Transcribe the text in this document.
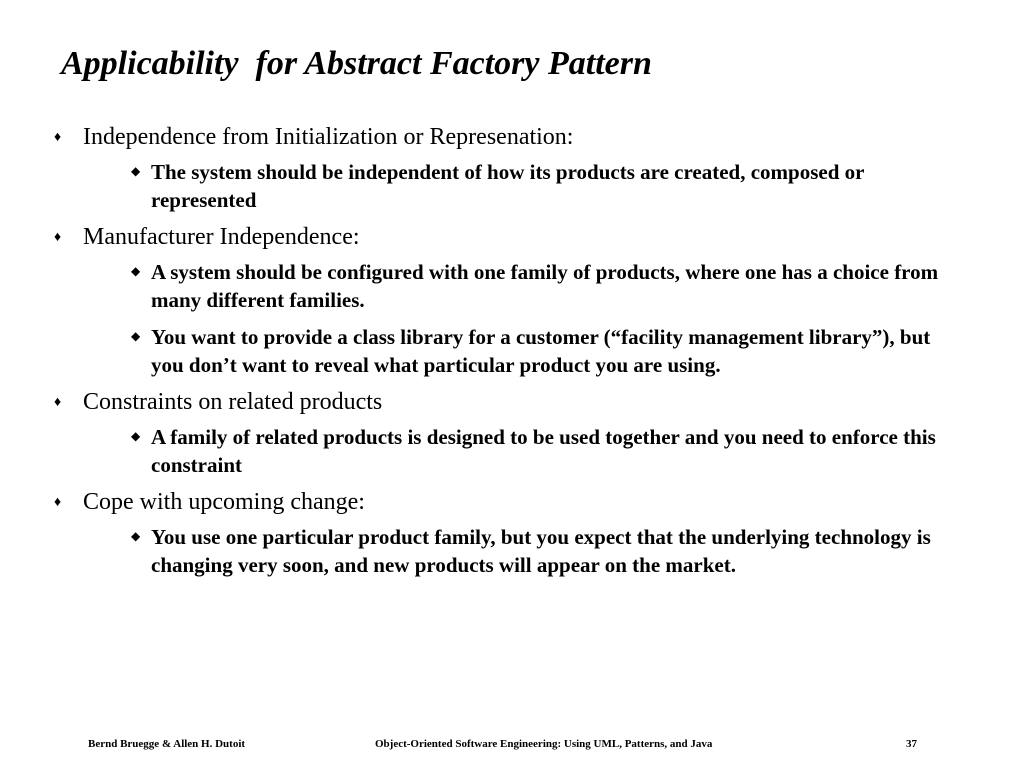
Applicability  for Abstract Factory Pattern
♦ Independence from Initialization or Represenation:
◆ The system should be independent of how its products are created, composed or represented
♦ Manufacturer Independence:
◆ A system should be configured with one family of products, where one has a choice from many different families.
◆ You want to provide a class library for a customer (“facility management library”), but you don’t want to reveal what particular product you are using.
♦ Constraints on related products
◆ A family of related products is designed to be used together and you need to enforce this constraint
♦ Cope with upcoming change:
◆ You use one particular product family, but you expect that the underlying technology is changing very soon, and new products will appear on the market.
Bernd Bruegge & Allen H. Dutoit	Object-Oriented Software Engineering: Using UML, Patterns, and Java	37
